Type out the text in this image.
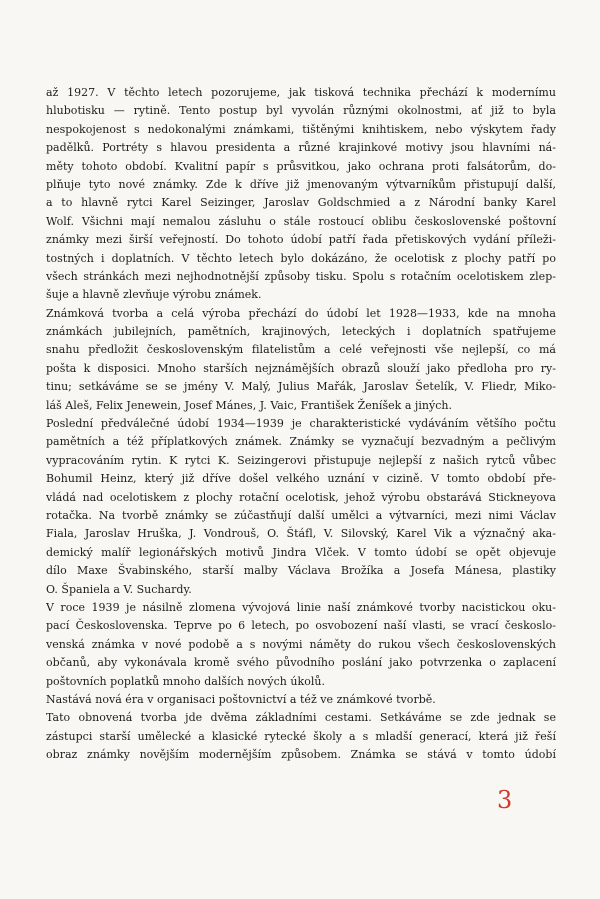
až 1927. V těchto letech pozorujeme, jak tisková technika přechází k modernímu
hlubotisku — rytině. Tento postup byl vyvolán různými okolnostmi, ať již to byla
nespokojenost s nedokonalými známkami, tištěnými knihtiskem, nebo výskytem řady
padělků. Portréty s hlavou presidenta a různé krajinkové motivy jsou hlavními ná-
měty tohoto období. Kvalitní papír s průsvitkou, jako ochrana proti falsátorům, do-
plňuje tyto nové známky. Zde k dříve již jmenovaným výtvarníkům přistupují další,
a to hlavně rytci Karel Seizinger, Jaroslav Goldschmied a z Národní banky Karel
Wolf. Všichni mají nemalou zásluhu o stále rostoucí oblibu československé poštovní
známky mezi širší veřejností. Do tohoto údobí patří řada přetiskových vydání příleži-
tostných i doplatních. V těchto letech bylo dokázáno, že ocelotisk z plochy patří po
všech stránkách mezi nejhodnotnější způsoby tisku. Spolu s rotačním ocelotiskem zlep-
šuje a hlavně zlevňuje výrobu známek.
Známková tvorba a celá výroba přechází do údobí let 1928—1933, kde na mnoha
známkách jubilejních, pamětních, krajinových, leteckých i doplatních spatřujeme
snahu předložit československým filatelistům a celé veřejnosti vše nejlepší, co má
pošta k disposici. Mnoho starších nejznámějších obrazů slouží jako předloha pro ry-
tinu; setkáváme se se jmény V. Malý, Julius Mařák, Jaroslav Šetelík, V. Fliedr, Miko-
láš Aleš, Felix Jenewein, Josef Mánes, J. Vaic, František Ženíšek a jiných.
Poslední předválečné údobí 1934—1939 je charakteristické vydáváním většího počtu
pamětních a též příplatkových známek. Známky se vyznačují bezvadným a pečlivým
vypracováním rytin. K rytci K. Seizingerovi přistupuje nejlepší z našich rytců vůbec
Bohumil Heinz, který již dříve došel velkého uznání v cizině. V tomto období pře-
vládá nad ocelotiskem z plochy rotační ocelotisk, jehož výrobu obstarává Stickneyova
rotačka. Na tvorbě známky se zúčastňují další umělci a výtvarníci, mezi nimi Václav
Fiala, Jaroslav Hruška, J. Vondrouš, O. Štáfl, V. Silovský, Karel Vik a význačný aka-
demický malíř legionářských motivů Jindra Vlček. V tomto údobí se opět objevuje
dílo Maxe Švabinského, starší malby Václava Brožíka a Josefa Mánesa, plastiky
O. Španiela a V. Suchardy.
V roce 1939 je násilně zlomena vývojová linie naší známkové tvorby nacistickou oku-
pací Československa. Teprve po 6 letech, po osvobození naší vlasti, se vrací českoslo-
venská známka v nové podobě a s novými náměty do rukou všech československých
občanů, aby vykonávala kromě svého původního poslání jako potvrzenka o zaplacení
poštovních poplatků mnoho dalších nových úkolů.
Nastává nová éra v organisaci poštovnictví a též ve známkové tvorbě.
Tato obnovená tvorba jde dvěma základními cestami. Setkáváme se zde jednak se
zástupci starší umělecké a klasické rytecké školy a s mladší generací, která již řeší
obraz známky novějším modernějším způsobem. Známka se stává v tomto údobí
3
